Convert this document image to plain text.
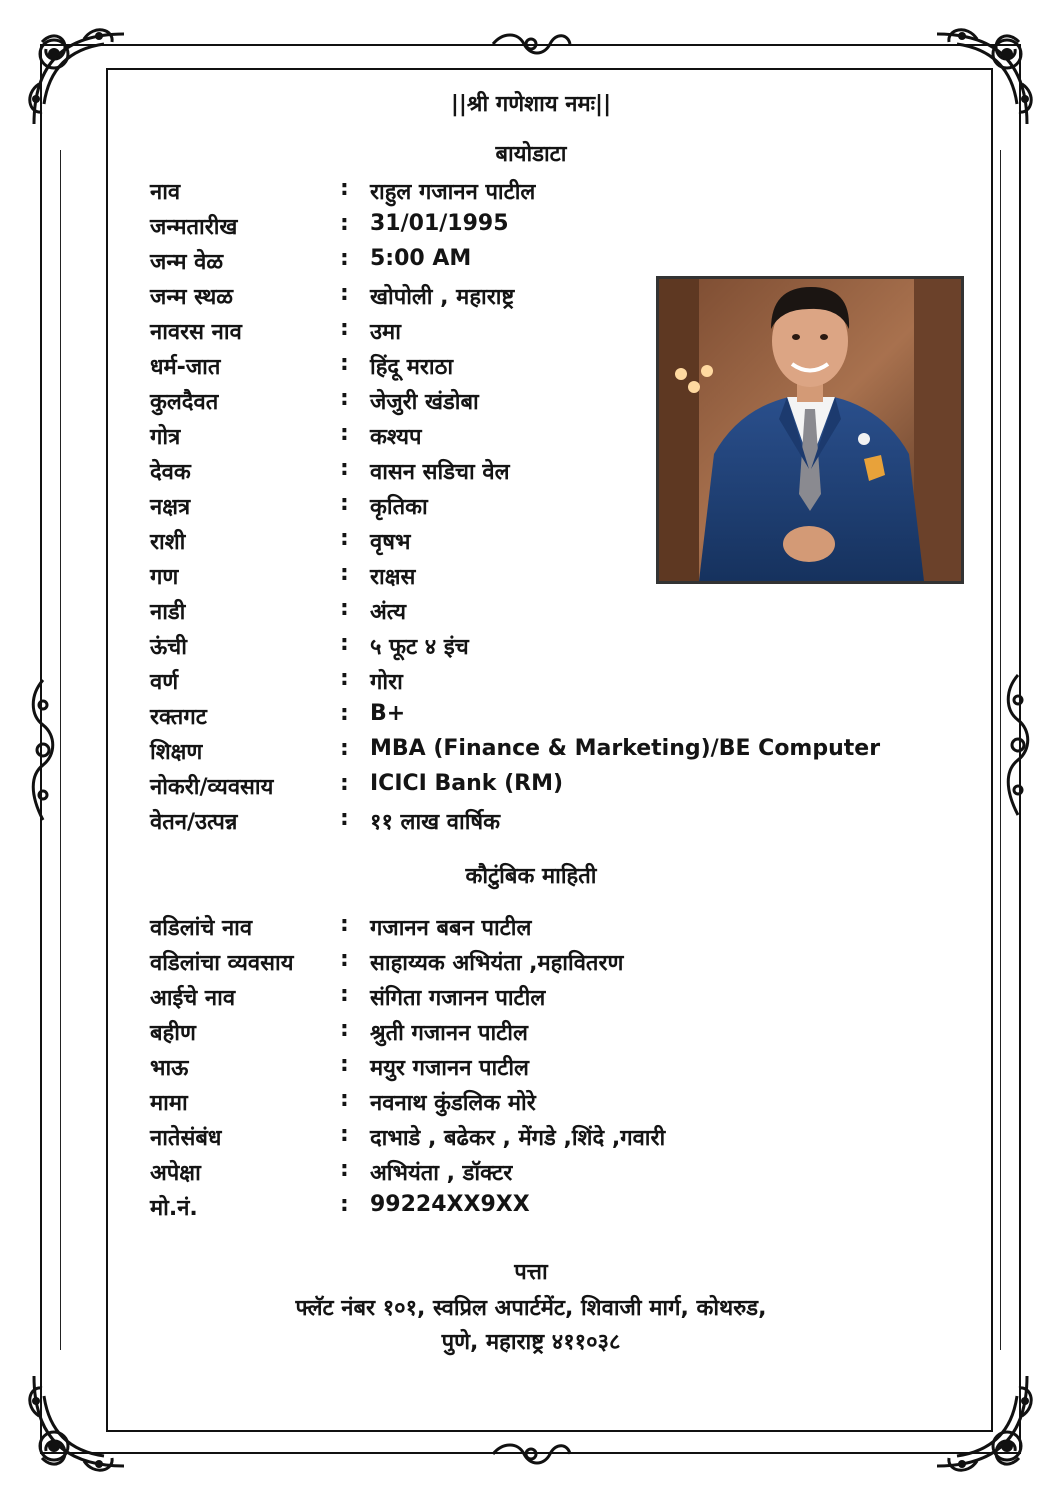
||श्री गणेशाय नमः||
बायोडाटा
नाव	: राहुल गजानन पाटील
जन्मतारीख	: 31/01/1995
जन्म वेळ	: 5:00 AM
जन्म स्थळ	: खोपोली , महाराष्ट्र
नावरस नाव	: उमा
धर्म-जात	: हिंदू मराठा
कुलदैवत	: जेजुरी खंडोबा
गोत्र	: कश्यप
देवक	: वासन सडिचा वेल
नक्षत्र	: कृतिका
राशी	: वृषभ
गण	: राक्षस
नाडी	: अंत्य
ऊंची	: ५ फूट ४ इंच
वर्ण	: गोरा
रक्तगट	: B+
शिक्षण	: MBA (Finance & Marketing)/BE Computer
नोकरी/व्यवसाय	: ICICI Bank (RM)
वेतन/उत्पन्न	: ११ लाख वार्षिक
कौटुंबिक माहिती
वडिलांचे नाव	: गजानन बबन पाटील
वडिलांचा व्यवसाय : साहाय्यक अभियंता ,महावितरण
आईचे नाव	: संगिता गजानन पाटील
बहीण	: श्रुती गजानन पाटील
भाऊ	: मयुर गजानन पाटील
मामा	: नवनाथ कुंडलिक मोरे
नातेसंबंध	: दाभाडे , बढेकर , मेंगडे ,शिंदे ,गवारी
अपेक्षा	: अभियंता , डॉक्टर
मो.नं.	: 99224XX9XX
पत्ता
फ्लॅट नंबर १०१, स्वप्रिल अपार्टमेंट, शिवाजी मार्ग, कोथरुड,
पुणे, महाराष्ट्र ४११०३८
